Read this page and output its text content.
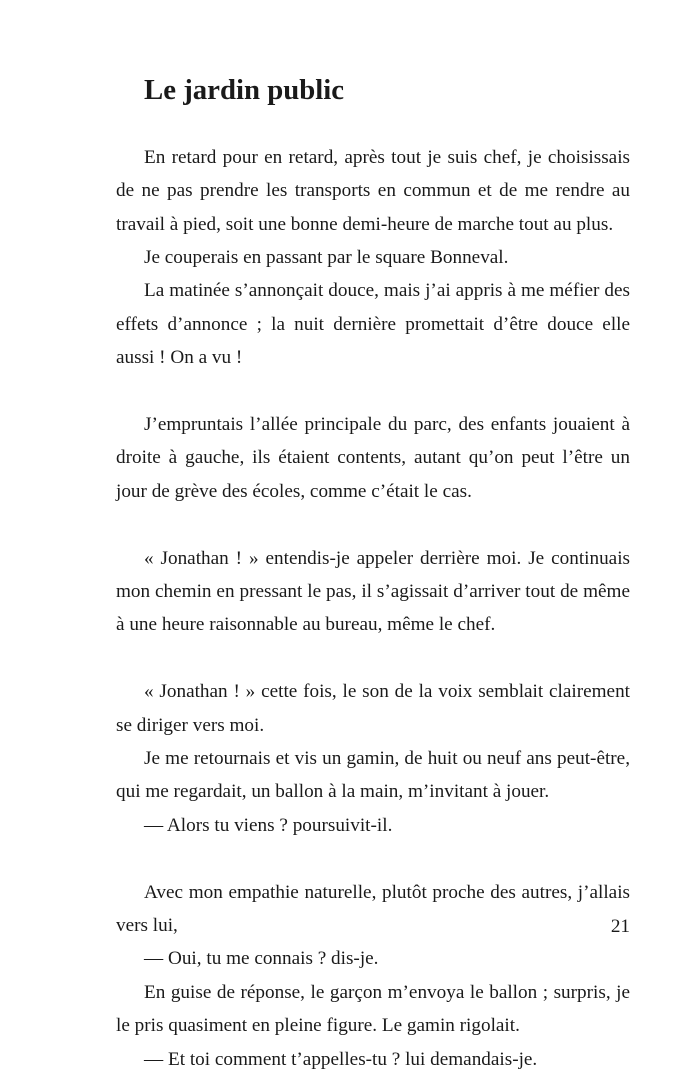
Le jardin public

En retard pour en retard, après tout je suis chef, je choisissais de ne pas prendre les transports en commun et de me rendre au travail à pied, soit une bonne demi-heure de marche tout au plus.

Je couperais en passant par le square Bonneval.

La matinée s’annonçait douce, mais j’ai appris à me méfier des effets d’annonce ; la nuit dernière promettait d’être douce elle aussi ! On a vu !

J’empruntais l’allée principale du parc, des enfants jouaient à droite à gauche, ils étaient contents, autant qu’on peut l’être un jour de grève des écoles, comme c’était le cas.

« Jonathan ! » entendis-je appeler derrière moi. Je continuais mon chemin en pressant le pas, il s’agissait d’arriver tout de même à une heure raisonnable au bureau, même le chef.

« Jonathan ! » cette fois, le son de la voix semblait clairement se diriger vers moi.

Je me retournais et vis un gamin, de huit ou neuf ans peut-être, qui me regardait, un ballon à la main, m’invitant à jouer.

— Alors tu viens ? poursuivit-il.

Avec mon empathie naturelle, plutôt proche des autres, j’allais vers lui,

— Oui, tu me connais ? dis-je.

En guise de réponse, le garçon m’envoya le ballon ; surpris, je le pris quasiment en pleine figure. Le gamin rigolait.

— Et toi comment t’appelles-tu ? lui demandais-je.

21
